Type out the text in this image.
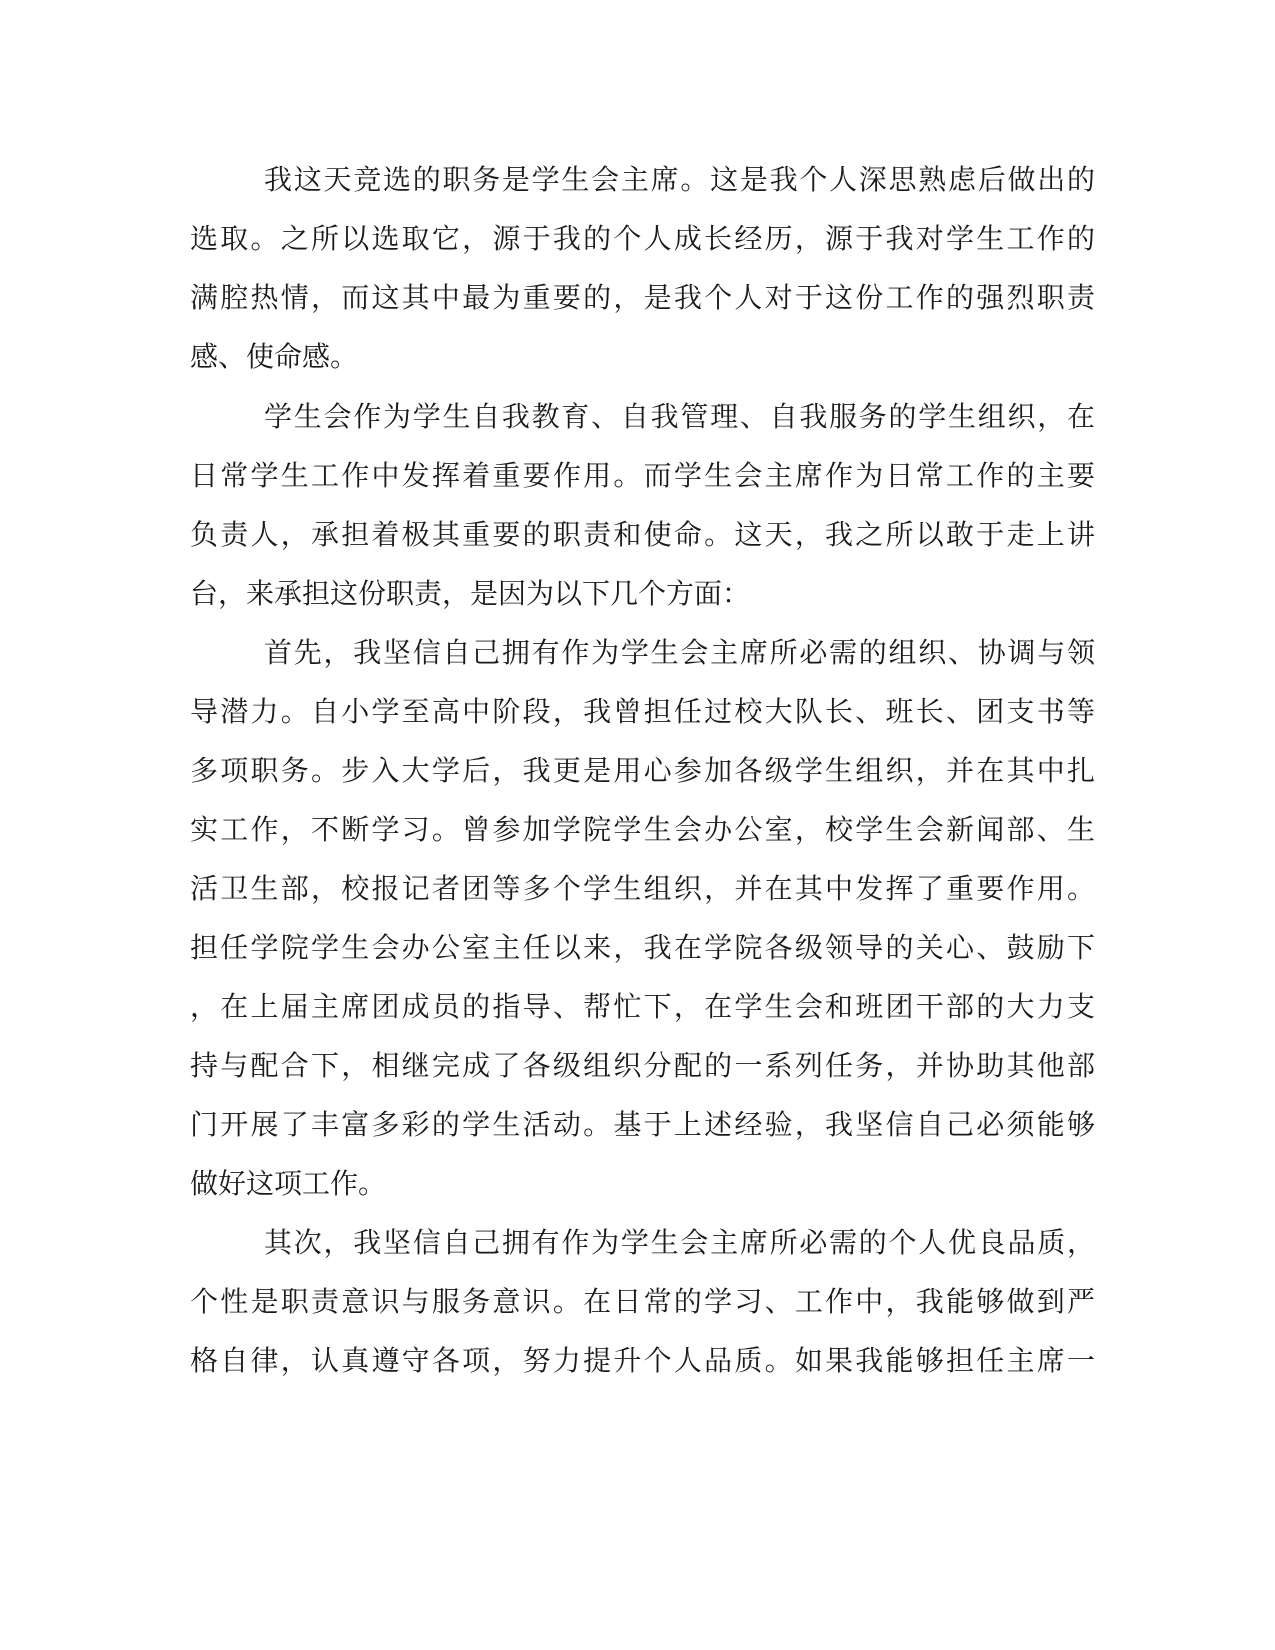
我这天竞选的职务是学生会主席。这是我个人深思熟虑后做出的
选取。之所以选取它，源于我的个人成长经历，源于我对学生工作的
满腔热情，而这其中最为重要的，是我个人对于这份工作的强烈职责
感、使命感。
学生会作为学生自我教育、自我管理、自我服务的学生组织，在
日常学生工作中发挥着重要作用。而学生会主席作为日常工作的主要
负责人，承担着极其重要的职责和使命。这天，我之所以敢于走上讲
台，来承担这份职责，是因为以下几个方面：
首先，我坚信自己拥有作为学生会主席所必需的组织、协调与领
导潜力。自小学至高中阶段，我曾担任过校大队长、班长、团支书等
多项职务。步入大学后，我更是用心参加各级学生组织，并在其中扎
实工作，不断学习。曾参加学院学生会办公室，校学生会新闻部、生
活卫生部，校报记者团等多个学生组织，并在其中发挥了重要作用。
担任学院学生会办公室主任以来，我在学院各级领导的关心、鼓励下
，在上届主席团成员的指导、帮忙下，在学生会和班团干部的大力支
持与配合下，相继完成了各级组织分配的一系列任务，并协助其他部
门开展了丰富多彩的学生活动。基于上述经验，我坚信自己必须能够
做好这项工作。
其次，我坚信自己拥有作为学生会主席所必需的个人优良品质，
个性是职责意识与服务意识。在日常的学习、工作中，我能够做到严
格自律，认真遵守各项，努力提升个人品质。如果我能够担任主席一
